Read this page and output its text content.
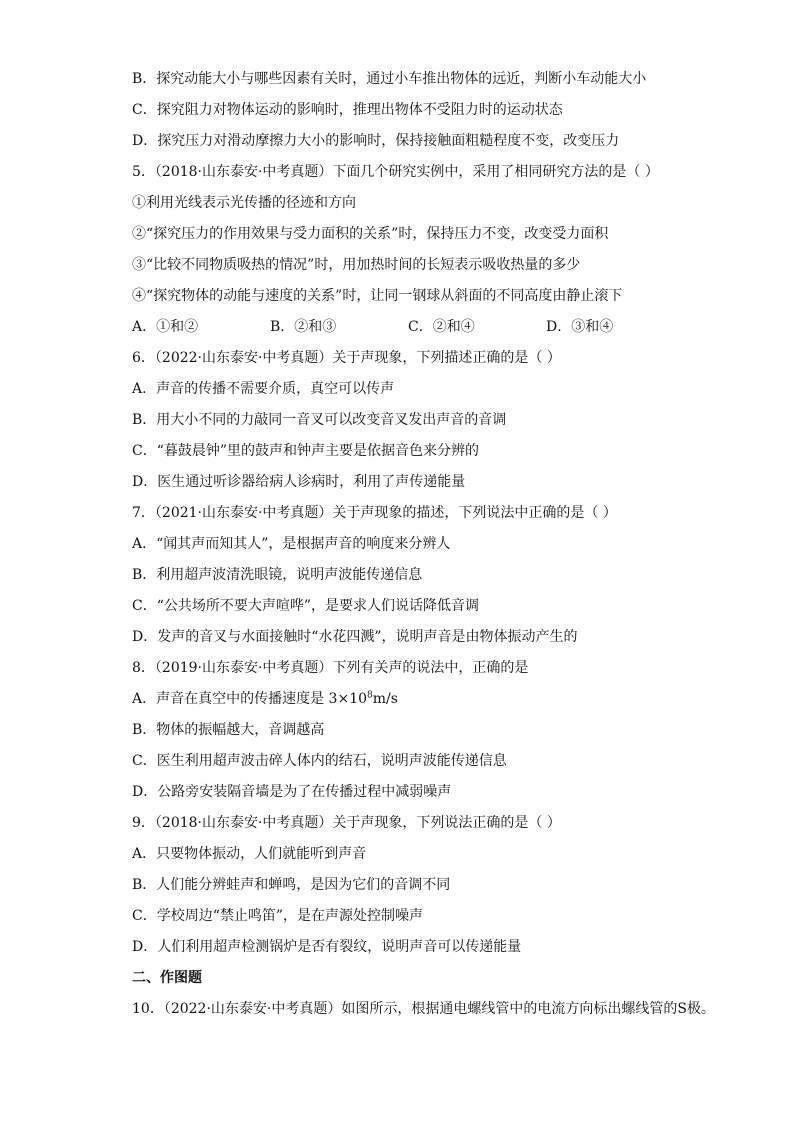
B．探究动能大小与哪些因素有关时，通过小车推出物体的远近，判断小车动能大小
C．探究阻力对物体运动的影响时，推理出物体不受阻力时的运动状态
D．探究压力对滑动摩擦力大小的影响时，保持接触面粗糙程度不变，改变压力
5．（2018·山东泰安·中考真题）下面几个研究实例中，采用了相同研究方法的是（ ）
①利用光线表示光传播的径迹和方向
②“探究压力的作用效果与受力面积的关系”时，保持压力不变，改变受力面积
③“比较不同物质吸热的情况”时，用加热时间的长短表示吸收热量的多少
④“探究物体的动能与速度的关系”时，让同一钢球从斜面的不同高度由静止滚下
A．①和②	B．②和③	C．②和④	D．③和④
6．（2022·山东泰安·中考真题）关于声现象，下列描述正确的是（ ）
A．声音的传播不需要介质，真空可以传声
B．用大小不同的力敲同一音叉可以改变音叉发出声音的音调
C．“暮鼓晨钟”里的鼓声和钟声主要是依据音色来分辨的
D．医生通过听诊器给病人诊病时，利用了声传递能量
7．（2021·山东泰安·中考真题）关于声现象的描述，下列说法中正确的是（ ）
A．“闻其声而知其人”，是根据声音的响度来分辨人
B．利用超声波清洗眼镜，说明声波能传递信息
C．“公共场所不要大声喧哗”，是要求人们说话降低音调
D．发声的音叉与水面接触时“水花四溅”，说明声音是由物体振动产生的
8．（2019·山东泰安·中考真题）下列有关声的说法中，正确的是
A．声音在真空中的传播速度是 $3\times 10^8m/s$
B．物体的振幅越大，音调越高
C．医生利用超声波击碎人体内的结石，说明声波能传递信息
D．公路旁安装隔音墙是为了在传播过程中减弱噪声
9．（2018·山东泰安·中考真题）关于声现象，下列说法正确的是（ ）
A．只要物体振动，人们就能听到声音
B．人们能分辨蛙声和蝉鸣，是因为它们的音调不同
C．学校周边“禁止鸣笛”，是在声源处控制噪声
D．人们利用超声检测锅炉是否有裂纹，说明声音可以传递能量
二、作图题
10．（2022·山东泰安·中考真题）如图所示，根据通电螺线管中的电流方向标出螺线管的S极。
